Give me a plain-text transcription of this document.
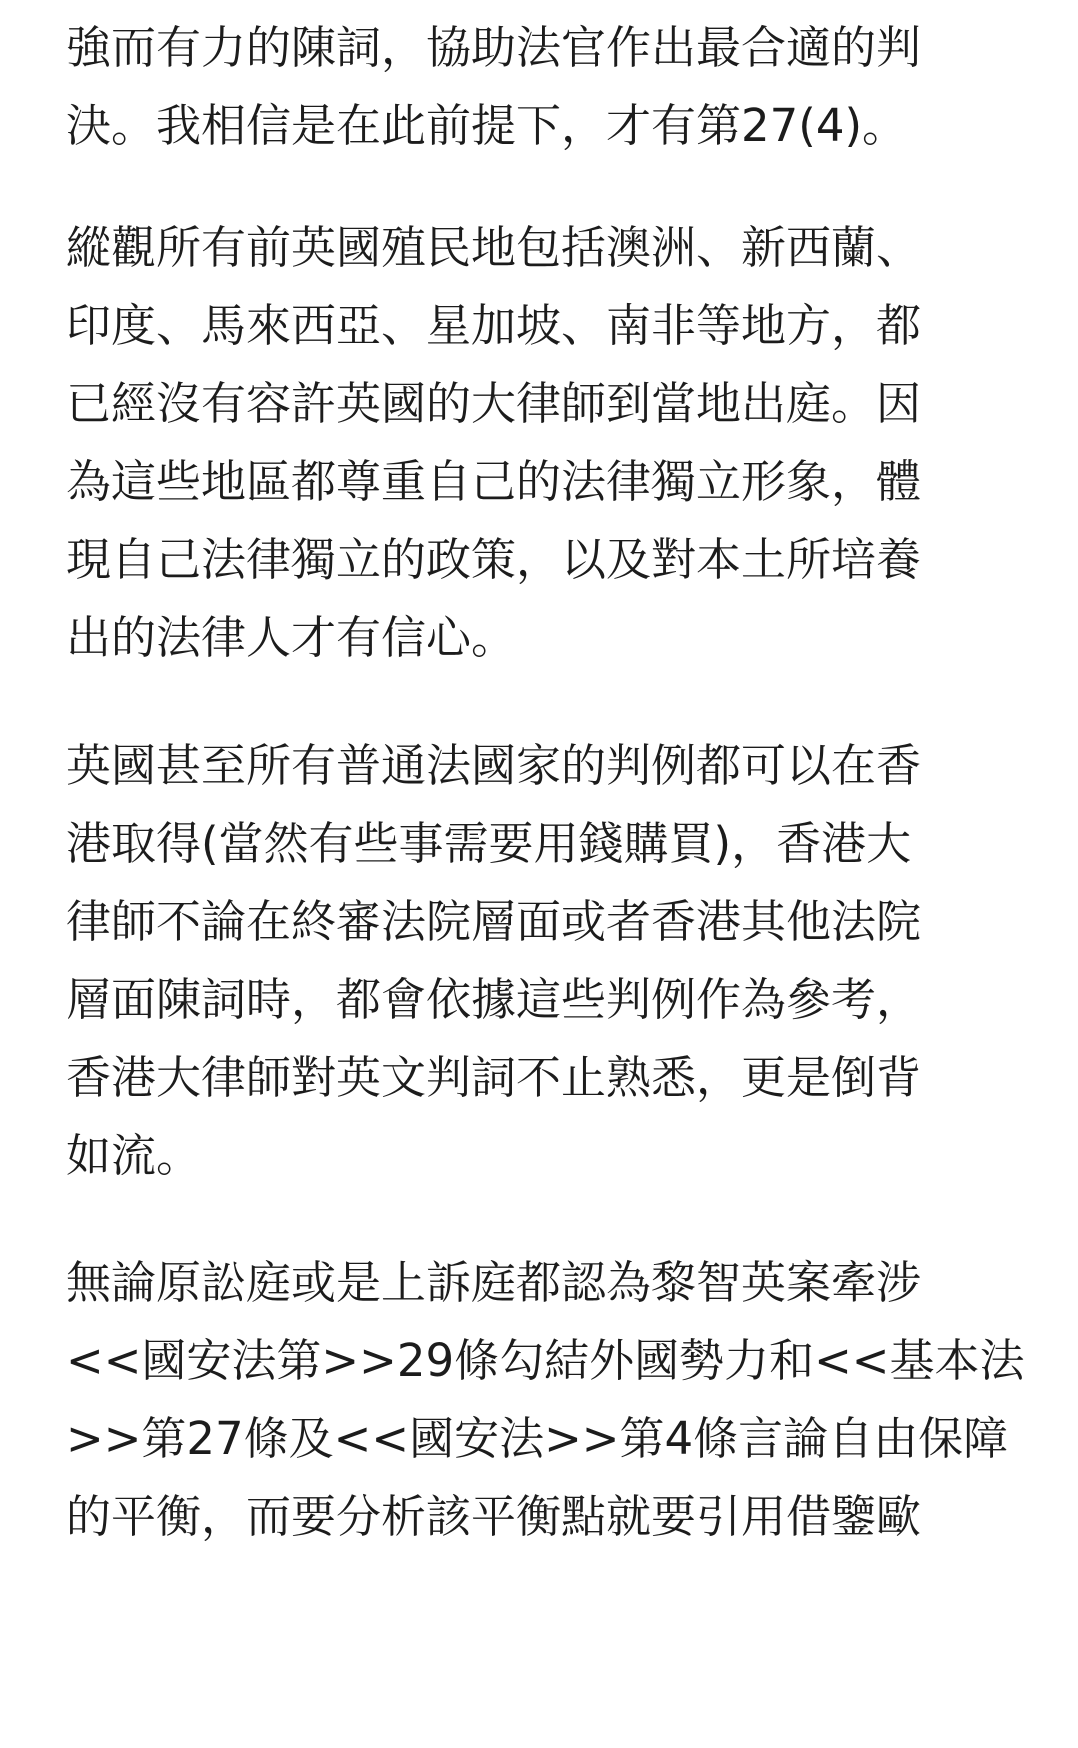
強而有力的陳詞，協助法官作出最合適的判
決。我相信是在此前提下，才有第27(4)。
縱觀所有前英國殖民地包括澳洲、新西蘭、
印度、馬來西亞、星加坡、南非等地方，都
已經沒有容許英國的大律師到當地出庭。因
為這些地區都尊重自己的法律獨立形象，體
現自己法律獨立的政策，以及對本土所培養
出的法律人才有信心。
英國甚至所有普通法國家的判例都可以在香
港取得(當然有些事需要用錢購買)，香港大
律師不論在終審法院層面或者香港其他法院
層面陳詞時，都會依據這些判例作為參考，
香港大律師對英文判詞不止熟悉，更是倒背
如流。
無論原訟庭或是上訴庭都認為黎智英案牽涉
<<國安法第>>29條勾結外國勢力和<<基本法
>>第27條及<<國安法>>第4條言論自由保障
的平衡，而要分析該平衡點就要引用借鑒歐
